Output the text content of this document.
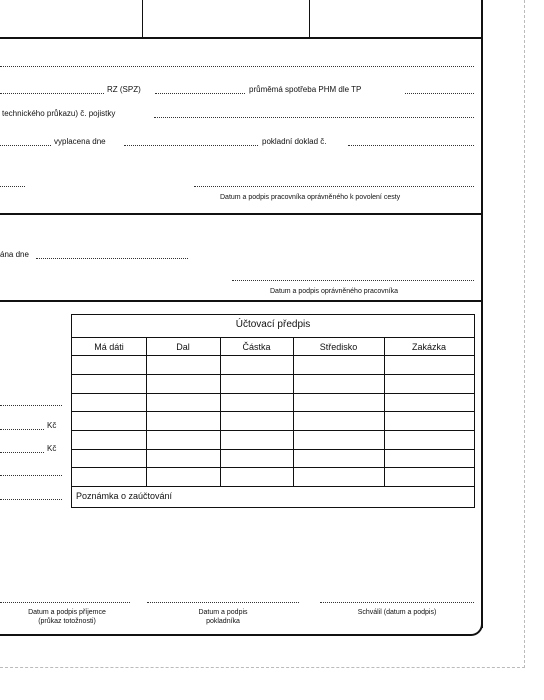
RZ (SPZ)	průměmá spotřeba PHM dle TP
technického průkazu) č. pojistky
vyplacena dne	pokladní doklad č.
Datum a podpis pracovníka oprávněného k povolení cesty
ána dne
Datum a podpis oprávněného pracovníka
Kč
Kč
Účtovací předpis
Má dáti	Dal	Částka	Středisko	Zakázka
Poznámka o zaúčtování
Datum a podpis příjemce
(průkaz totožnosti)
Datum a podpis
pokladníka
Schválil (datum a podpis)
